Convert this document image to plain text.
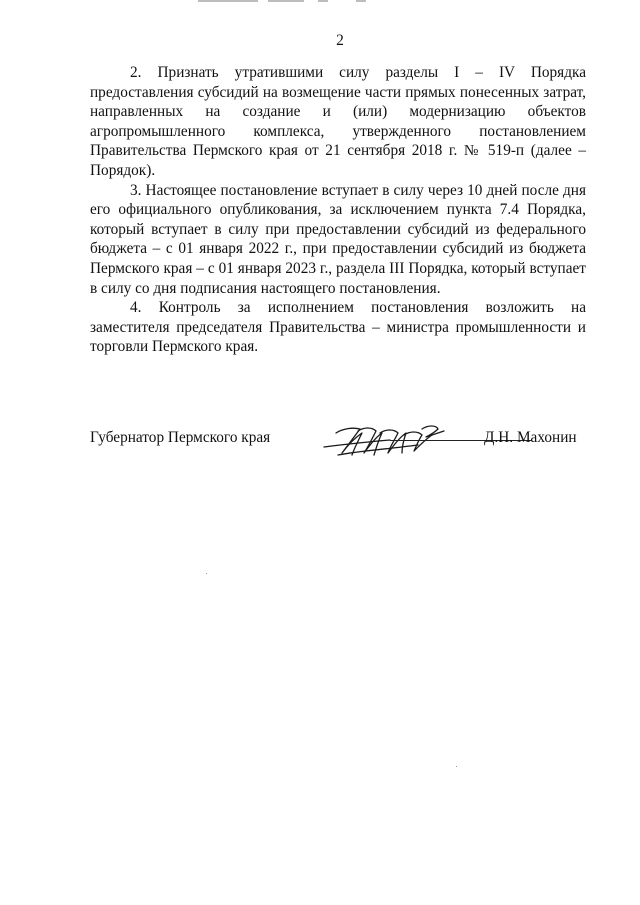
2

2. Признать утратившими силу разделы I – IV Порядка предоставления субсидий на возмещение части прямых понесенных затрат, направленных на создание и (или) модернизацию объектов агропромышленного комплекса, утвержденного постановлением Правительства Пермского края от 21 сентября 2018 г. № 519-п (далее – Порядок).

3. Настоящее постановление вступает в силу через 10 дней после дня его официального опубликования, за исключением пункта 7.4 Порядка, который вступает в силу при предоставлении субсидий из федерального бюджета – с 01 января 2022 г., при предоставлении субсидий из бюджета Пермского края – с 01 января 2023 г., раздела III Порядка, который вступает в силу со дня подписания настоящего постановления.

4. Контроль за исполнением постановления возложить на заместителя председателя Правительства – министра промышленности и торговли Пермского края.

Губернатор Пермского края	Д.Н. Махонин
